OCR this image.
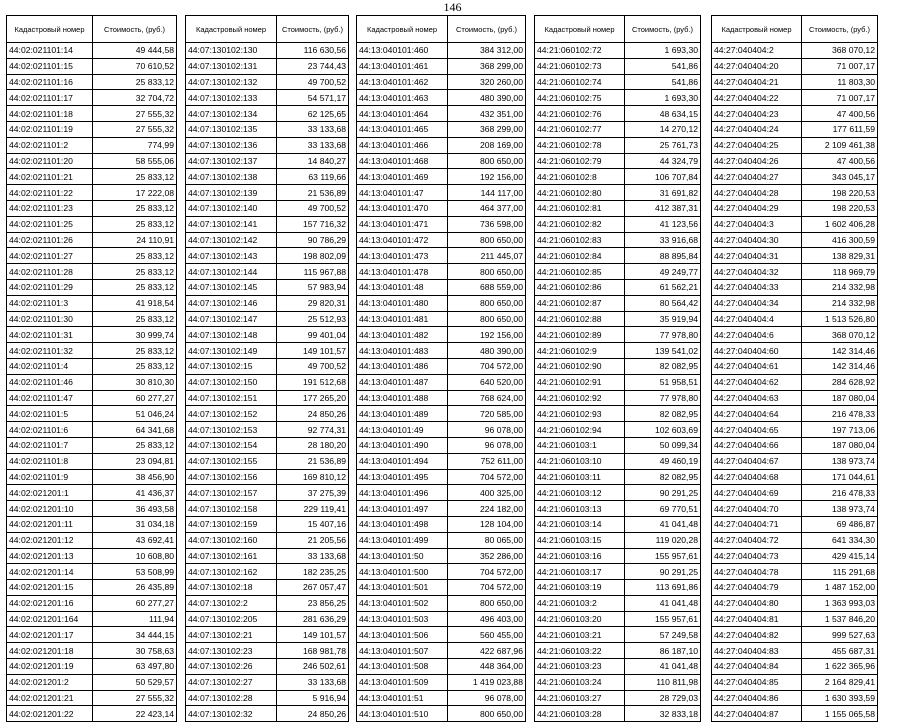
146
Кадастровый номер	Стоимость, (руб.)
44:02:021101:14	49 444,58
44:02:021101:15	70 610,52
44:02:021101:16	25 833,12
44:02:021101:17	32 704,72
44:02:021101:18	27 555,32
44:02:021101:19	27 555,32
44:02:021101:2	774,99
44:02:021101:20	58 555,06
44:02:021101:21	25 833,12
44:02:021101:22	17 222,08
44:02:021101:23	25 833,12
44:02:021101:25	25 833,12
44:02:021101:26	24 110,91
44:02:021101:27	25 833,12
44:02:021101:28	25 833,12
44:02:021101:29	25 833,12
44:02:021101:3	41 918,54
44:02:021101:30	25 833,12
44:02:021101:31	30 999,74
44:02:021101:32	25 833,12
44:02:021101:4	25 833,12
44:02:021101:46	30 810,30
44:02:021101:47	60 277,27
44:02:021101:5	51 046,24
44:02:021101:6	64 341,68
44:02:021101:7	25 833,12
44:02:021101:8	23 094,81
44:02:021101:9	38 456,90
44:02:021201:1	41 436,37
44:02:021201:10	36 493,58
44:02:021201:11	31 034,18
44:02:021201:12	43 692,41
44:02:021201:13	10 608,80
44:02:021201:14	53 508,99
44:02:021201:15	26 435,89
44:02:021201:16	60 277,27
44:02:021201:164	111,94
44:02:021201:17	34 444,15
44:02:021201:18	30 758,63
44:02:021201:19	63 497,80
44:02:021201:2	50 529,57
44:02:021201:21	27 555,32
44:02:021201:22	22 423,14
Кадастровый номер	Стоимость, (руб.)
44:07:130102:130	116 630,56
44:07:130102:131	23 744,43
44:07:130102:132	49 700,52
44:07:130102:133	54 571,17
44:07:130102:134	62 125,65
44:07:130102:135	33 133,68
44:07:130102:136	33 133,68
44:07:130102:137	14 840,27
44:07:130102:138	63 119,66
44:07:130102:139	21 536,89
44:07:130102:140	49 700,52
44:07:130102:141	157 716,32
44:07:130102:142	90 786,29
44:07:130102:143	198 802,09
44:07:130102:144	115 967,88
44:07:130102:145	57 983,94
44:07:130102:146	29 820,31
44:07:130102:147	25 512,93
44:07:130102:148	99 401,04
44:07:130102:149	149 101,57
44:07:130102:15	49 700,52
44:07:130102:150	191 512,68
44:07:130102:151	177 265,20
44:07:130102:152	24 850,26
44:07:130102:153	92 774,31
44:07:130102:154	28 180,20
44:07:130102:155	21 536,89
44:07:130102:156	169 810,12
44:07:130102:157	37 275,39
44:07:130102:158	229 119,41
44:07:130102:159	15 407,16
44:07:130102:160	21 205,56
44:07:130102:161	33 133,68
44:07:130102:162	182 235,25
44:07:130102:18	267 057,47
44:07:130102:2	23 856,25
44:07:130102:205	281 636,29
44:07:130102:21	149 101,57
44:07:130102:23	168 981,78
44:07:130102:26	246 502,61
44:07:130102:27	33 133,68
44:07:130102:28	5 916,94
44:07:130102:32	24 850,26
Кадастровый номер	Стоимость, (руб.)
44:13:040101:460	384 312,00
44:13:040101:461	368 299,00
44:13:040101:462	320 260,00
44:13:040101:463	480 390,00
44:13:040101:464	432 351,00
44:13:040101:465	368 299,00
44:13:040101:466	208 169,00
44:13:040101:468	800 650,00
44:13:040101:469	192 156,00
44:13:040101:47	144 117,00
44:13:040101:470	464 377,00
44:13:040101:471	736 598,00
44:13:040101:472	800 650,00
44:13:040101:473	211 445,07
44:13:040101:478	800 650,00
44:13:040101:48	688 559,00
44:13:040101:480	800 650,00
44:13:040101:481	800 650,00
44:13:040101:482	192 156,00
44:13:040101:483	480 390,00
44:13:040101:486	704 572,00
44:13:040101:487	640 520,00
44:13:040101:488	768 624,00
44:13:040101:489	720 585,00
44:13:040101:49	96 078,00
44:13:040101:490	96 078,00
44:13:040101:494	752 611,00
44:13:040101:495	704 572,00
44:13:040101:496	400 325,00
44:13:040101:497	224 182,00
44:13:040101:498	128 104,00
44:13:040101:499	80 065,00
44:13:040101:50	352 286,00
44:13:040101:500	704 572,00
44:13:040101:501	704 572,00
44:13:040101:502	800 650,00
44:13:040101:503	496 403,00
44:13:040101:506	560 455,00
44:13:040101:507	422 687,96
44:13:040101:508	448 364,00
44:13:040101:509	1 419 023,88
44:13:040101:51	96 078,00
44:13:040101:510	800 650,00
Кадастровый номер	Стоимость, (руб.)
44:21:060102:72	1 693,30
44:21:060102:73	541,86
44:21:060102:74	541,86
44:21:060102:75	1 693,30
44:21:060102:76	48 634,15
44:21:060102:77	14 270,12
44:21:060102:78	25 761,73
44:21:060102:79	44 324,79
44:21:060102:8	106 707,84
44:21:060102:80	31 691,82
44:21:060102:81	412 387,31
44:21:060102:82	41 123,56
44:21:060102:83	33 916,68
44:21:060102:84	88 895,84
44:21:060102:85	49 249,77
44:21:060102:86	61 562,21
44:21:060102:87	80 564,42
44:21:060102:88	35 919,94
44:21:060102:89	77 978,80
44:21:060102:9	139 541,02
44:21:060102:90	82 082,95
44:21:060102:91	51 958,51
44:21:060102:92	77 978,80
44:21:060102:93	82 082,95
44:21:060102:94	102 603,69
44:21:060103:1	50 099,34
44:21:060103:10	49 460,19
44:21:060103:11	82 082,95
44:21:060103:12	90 291,25
44:21:060103:13	69 770,51
44:21:060103:14	41 041,48
44:21:060103:15	119 020,28
44:21:060103:16	155 957,61
44:21:060103:17	90 291,25
44:21:060103:19	113 691,86
44:21:060103:2	41 041,48
44:21:060103:20	155 957,61
44:21:060103:21	57 249,58
44:21:060103:22	86 187,10
44:21:060103:23	41 041,48
44:21:060103:24	110 811,98
44:21:060103:27	28 729,03
44:21:060103:28	32 833,18
Кадастровый номер	Стоимость, (руб.)
44:27:040404:2	368 070,12
44:27:040404:20	71 007,17
44:27:040404:21	11 803,30
44:27:040404:22	71 007,17
44:27:040404:23	47 400,56
44:27:040404:24	177 611,59
44:27:040404:25	2 109 461,38
44:27:040404:26	47 400,56
44:27:040404:27	343 045,17
44:27:040404:28	198 220,53
44:27:040404:29	198 220,53
44:27:040404:3	1 602 406,28
44:27:040404:30	416 300,59
44:27:040404:31	138 829,31
44:27:040404:32	118 969,79
44:27:040404:33	214 332,98
44:27:040404:34	214 332,98
44:27:040404:4	1 513 526,80
44:27:040404:6	368 070,12
44:27:040404:60	142 314,46
44:27:040404:61	142 314,46
44:27:040404:62	284 628,92
44:27:040404:63	187 080,04
44:27:040404:64	216 478,33
44:27:040404:65	197 713,06
44:27:040404:66	187 080,04
44:27:040404:67	138 973,74
44:27:040404:68	171 044,61
44:27:040404:69	216 478,33
44:27:040404:70	138 973,74
44:27:040404:71	69 486,87
44:27:040404:72	641 334,30
44:27:040404:73	429 415,14
44:27:040404:78	115 291,68
44:27:040404:79	1 487 152,00
44:27:040404:80	1 363 993,03
44:27:040404:81	1 537 846,20
44:27:040404:82	999 527,63
44:27:040404:83	455 687,31
44:27:040404:84	1 622 365,96
44:27:040404:85	2 164 829,41
44:27:040404:86	1 630 393,59
44:27:040404:87	1 155 065,58
